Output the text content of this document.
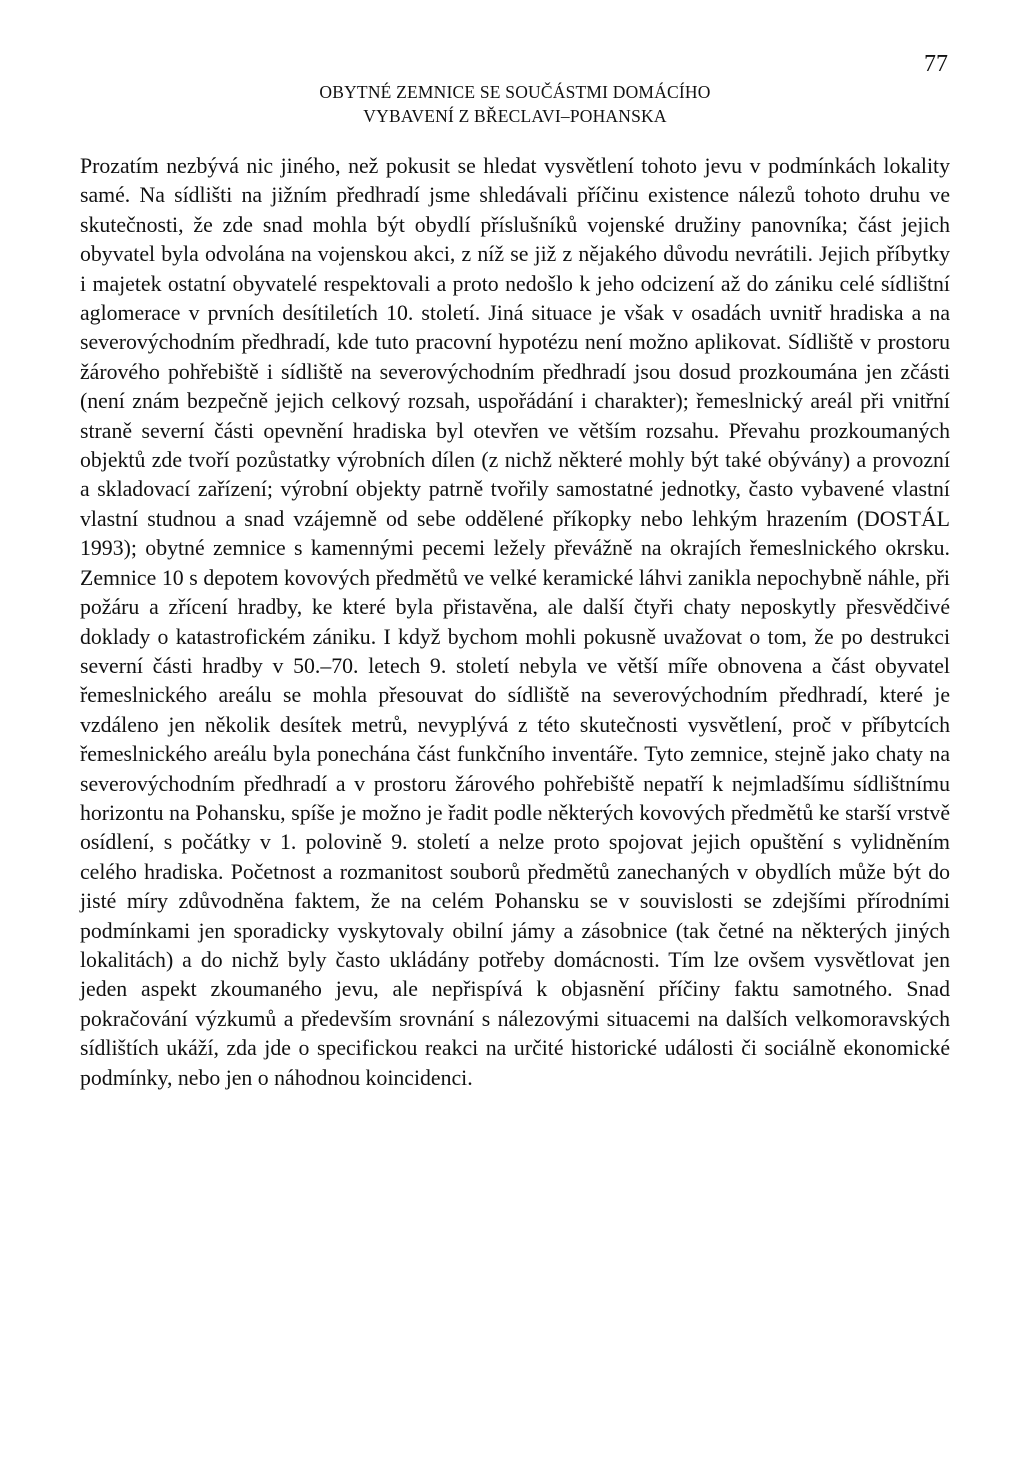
77
OBYTNÉ ZEMNICE SE SOUČÁSTMI DOMÁCÍHO
VYBAVENÍ Z BŘECLAVI–POHANSKA

Prozatím nezbývá nic jiného, než pokusit se hledat vysvětlení tohoto jevu v podmínkách lokality samé. Na sídlišti na jižním předhradí jsme shledávali příčinu existence nálezů tohoto druhu ve skutečnosti, že zde snad mohla být obydlí příslušníků vojenské družiny panovníka; část jejich obyvatel byla odvolána na vojenskou akci, z níž se již z nějakého důvodu nevrátili. Jejich příbytky i majetek ostatní obyvatelé respektovali a proto nedošlo k jeho odcizení až do zániku celé sídlištní aglomerace v prvních desítiletích 10. století. Jiná situace je však v osadách uvnitř hradiska a na severovýchodním předhradí, kde tuto pracovní hypotézu není možno aplikovat. Sídliště v prostoru žárového pohřebiště i sídliště na severovýchodním předhradí jsou dosud prozkoumána jen zčásti (není znám bezpečně jejich celkový rozsah, uspořádání i charakter); řemeslnický areál při vnitřní straně severní části opevnění hradiska byl otevřen ve větším rozsahu. Převahu prozkoumaných objektů zde tvoří pozůstatky výrobních dílen (z nichž některé mohly být také obývány) a provozní a skladovací zařízení; výrobní objekty patrně tvořily samostatné jednotky, často vybavené vlastní vlastní studnou a snad vzájemně od sebe oddělené příkopky nebo lehkým hrazením (DOSTÁL 1993); obytné zemnice s kamennými pecemi ležely převážně na okrajích řemeslnického okrsku. Zemnice 10 s depotem kovových předmětů ve velké keramické láhvi zanikla nepochybně náhle, při požáru a zřícení hradby, ke které byla přistavěna, ale další čtyři chaty neposkytly přesvědčivé doklady o katastrofickém zániku. I když bychom mohli pokusně uvažovat o tom, že po destrukci severní části hradby v 50.–70. letech 9. století nebyla ve větší míře obnovena a část obyvatel řemeslnického areálu se mohla přesouvat do sídliště na severovýchodním předhradí, které je vzdáleno jen několik desítek metrů, nevyplývá z této skutečnosti vysvětlení, proč v příbytcích řemeslnického areálu byla ponechána část funkčního inventáře. Tyto zemnice, stejně jako chaty na severovýchodním předhradí a v prostoru žárového pohřebiště nepatří k nejmladšímu sídlištnímu horizontu na Pohansku, spíše je možno je řadit podle některých kovových předmětů ke starší vrstvě osídlení, s počátky v 1. polovině 9. století a nelze proto spojovat jejich opuštění s vylidněním celého hradiska. Početnost a rozmanitost souborů předmětů zanechaných v obydlích může být do jisté míry zdůvodněna faktem, že na celém Pohansku se v souvislosti se zdejšími přírodními podmínkami jen sporadicky vyskytovaly obilní jámy a zásobnice (tak četné na některých jiných lokalitách) a do nichž byly často ukládány potřeby domácnosti. Tím lze ovšem vysvětlovat jen jeden aspekt zkoumaného jevu, ale nepřispívá k objasnění příčiny faktu samotného. Snad pokračování výzkumů a především srovnání s nálezovými situacemi na dalších velkomoravských sídlištích ukáží, zda jde o specifickou reakci na určité historické události či sociálně ekonomické podmínky, nebo jen o náhodnou koincidenci.
